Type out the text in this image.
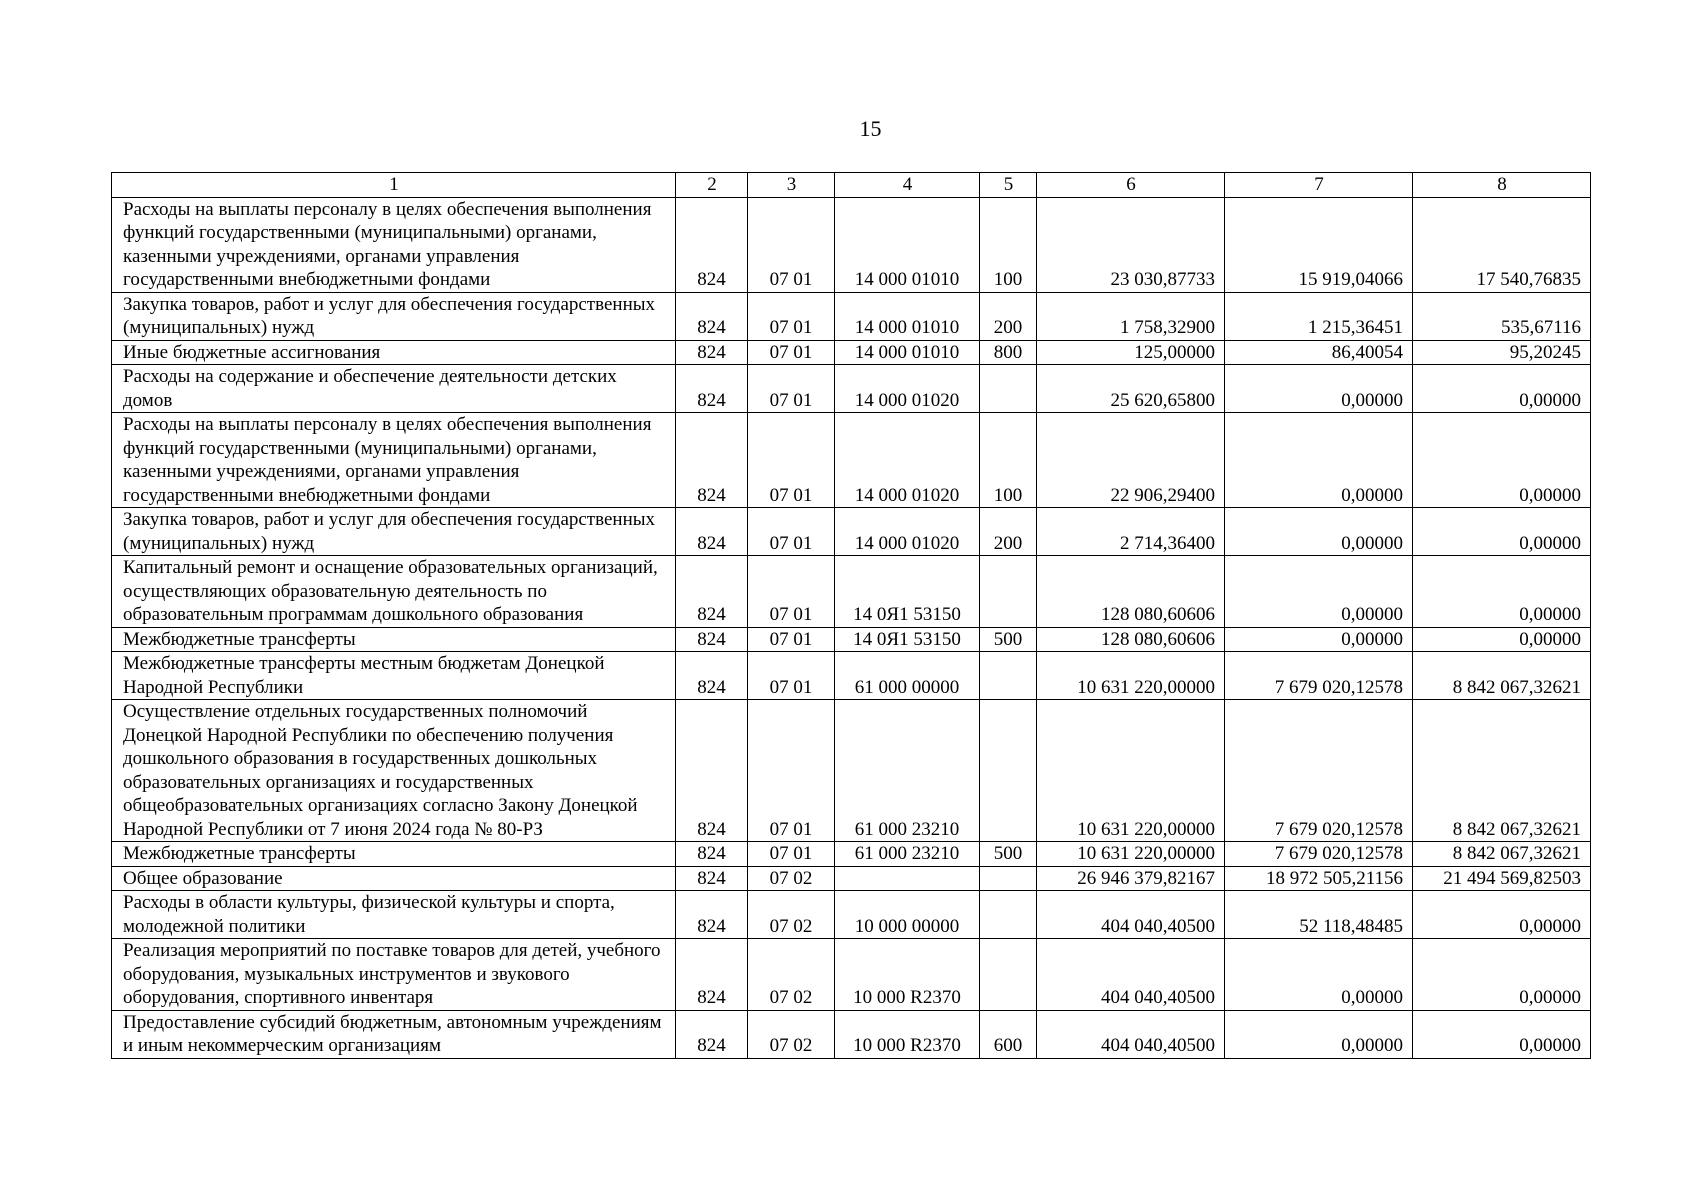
15
1	2	3	4	5	6	7	8
Расходы на выплаты персоналу в целях обеспечения выполнения функций государственными (муниципальными) органами, казенными учреждениями, органами управления государственными внебюджетными фондами	824	07 01	14 000 01010	100	23 030,87733	15 919,04066	17 540,76835
Закупка товаров, работ и услуг для обеспечения государственных (муниципальных) нужд	824	07 01	14 000 01010	200	1 758,32900	1 215,36451	535,67116
Иные бюджетные ассигнования	824	07 01	14 000 01010	800	125,00000	86,40054	95,20245
Расходы на содержание и обеспечение деятельности детских домов	824	07 01	14 000 01020		25 620,65800	0,00000	0,00000
Расходы на выплаты персоналу в целях обеспечения выполнения функций государственными (муниципальными) органами, казенными учреждениями, органами управления государственными внебюджетными фондами	824	07 01	14 000 01020	100	22 906,29400	0,00000	0,00000
Закупка товаров, работ и услуг для обеспечения государственных (муниципальных) нужд	824	07 01	14 000 01020	200	2 714,36400	0,00000	0,00000
Капитальный ремонт и оснащение образовательных организаций, осуществляющих образовательную деятельность по образовательным программам дошкольного образования	824	07 01	14 0Я1 53150		128 080,60606	0,00000	0,00000
Межбюджетные трансферты	824	07 01	14 0Я1 53150	500	128 080,60606	0,00000	0,00000
Межбюджетные трансферты местным бюджетам Донецкой Народной Республики	824	07 01	61 000 00000		10 631 220,00000	7 679 020,12578	8 842 067,32621
Осуществление отдельных государственных полномочий Донецкой Народной Республики по обеспечению получения дошкольного образования в государственных дошкольных образовательных организациях и государственных общеобразовательных организациях согласно Закону Донецкой Народной Республики от 7 июня 2024 года № 80-РЗ	824	07 01	61 000 23210		10 631 220,00000	7 679 020,12578	8 842 067,32621
Межбюджетные трансферты	824	07 01	61 000 23210	500	10 631 220,00000	7 679 020,12578	8 842 067,32621
Общее образование	824	07 02			26 946 379,82167	18 972 505,21156	21 494 569,82503
Расходы в области культуры, физической культуры и спорта, молодежной политики	824	07 02	10 000 00000		404 040,40500	52 118,48485	0,00000
Реализация мероприятий по поставке товаров для детей, учебного оборудования, музыкальных инструментов и звукового оборудования, спортивного инвентаря	824	07 02	10 000 R2370		404 040,40500	0,00000	0,00000
Предоставление субсидий бюджетным, автономным учреждениям и иным некоммерческим организациям	824	07 02	10 000 R2370	600	404 040,40500	0,00000	0,00000
